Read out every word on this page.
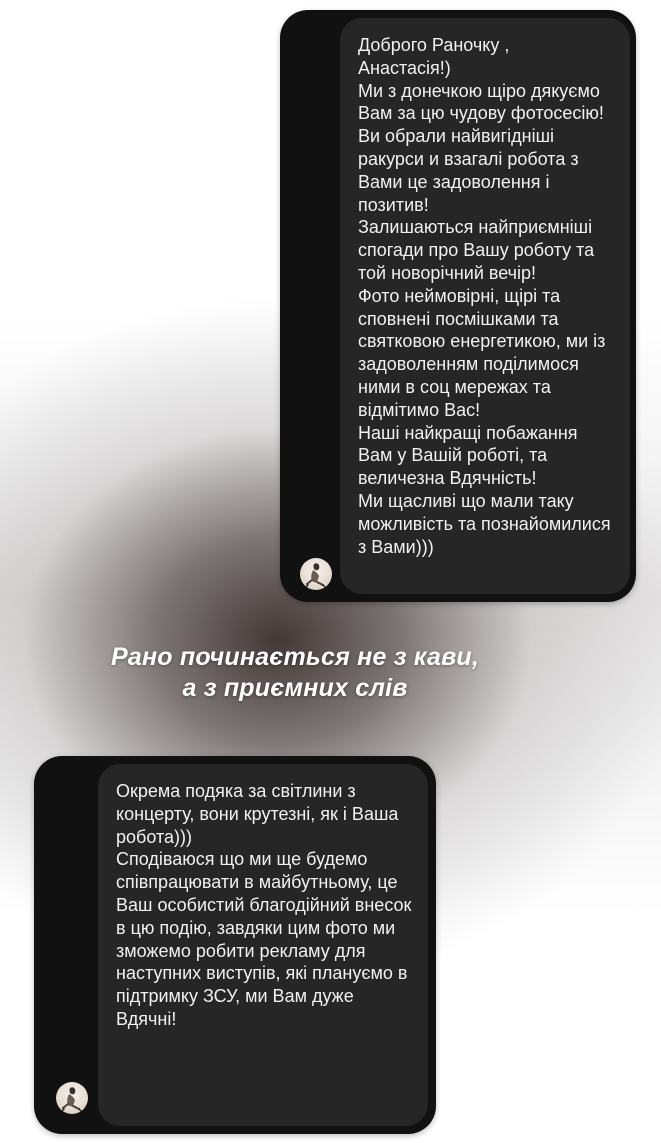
Доброго Раночку ,
Анастасія!)
Ми з донечкою щіро дякуємо Вам за цю чудову фотосесію!
Ви обрали найвигідніші ракурси и взагалі робота з Вами це задоволення і позитив!
Залишаються найприємніші спогади про Вашу роботу та той новорічний вечір!
Фото неймовірні, щірі та сповнені посмішками та святковою енергетикою, ми із задоволенням поділимося ними в соц мережах та відмітимо Вас!
Наші найкращі побажання Вам у Вашій роботі, та величезна Вдячність!
Ми щасливі що мали таку можливість та познайомилися з Вами)))
Рано починається не з кави,
а з приємних слів
Окрема подяка за світлини з концерту, вони крутезні, як і Ваша робота)))
Сподіваюся що ми ще будемо співпрацювати в майбутньому, це Ваш особистий благодійний внесок в цю подію, завдяки цим фото ми зможемо робити рекламу для наступних виступів, які плануємо в підтримку ЗСУ, ми Вам дуже Вдячні!
